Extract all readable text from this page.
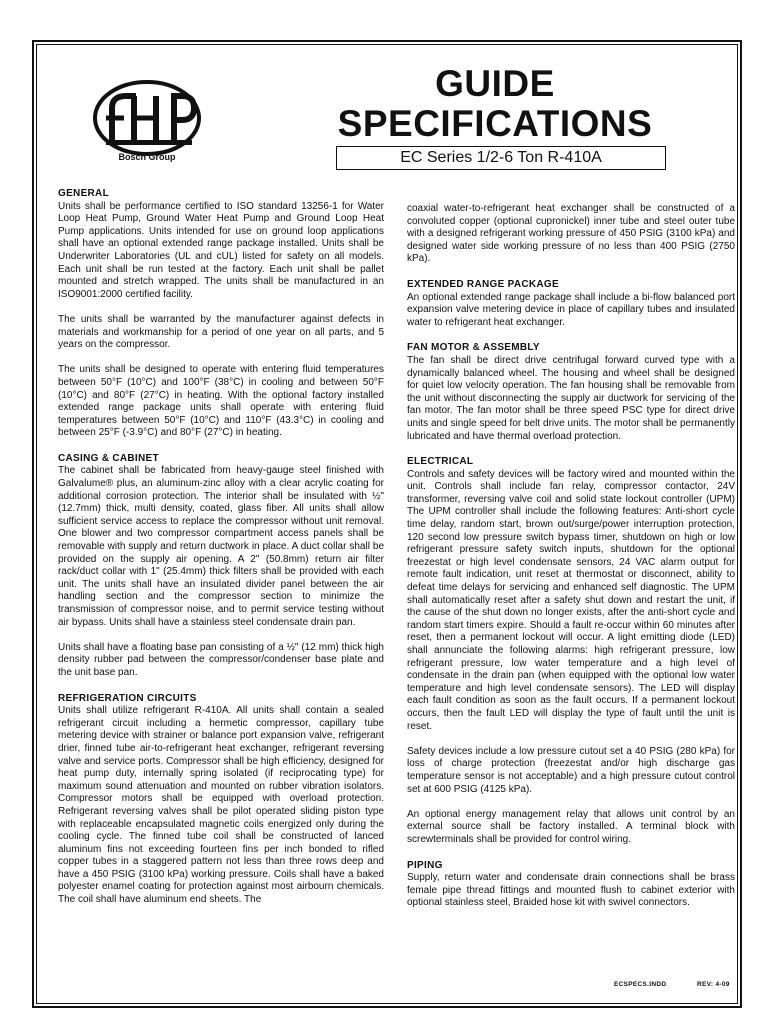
Bosch Group
GUIDE
SPECIFICATIONS
EC Series 1/2-6 Ton R-410A
GENERAL

Units shall be performance certified to ISO standard 13256-1 for Water Loop Heat Pump, Ground Water Heat Pump and Ground Loop Heat Pump applications. Units intended for use on ground loop applications shall have an optional extended range package installed. Units shall be Underwriter Laboratories (UL and cUL) listed for safety on all models. Each unit shall be run tested at the factory. Each unit shall be pallet mounted and stretch wrapped. The units shall be manufactured in an ISO9001:2000 certified facility.

The units shall be warranted by the manufacturer against defects in materials and workmanship for a period of one year on all parts, and 5 years on the compressor.

The units shall be designed to operate with entering fluid temperatures between 50°F (10°C) and 100°F (38°C) in cooling and between 50°F (10°C) and 80°F (27°C) in heating. With the optional factory installed extended range package units shall operate with entering fluid temperatures between 50°F (10°C) and 110°F (43.3°C) in cooling and between 25°F (-3.9°C) and 80°F (27°C) in heating.

CASING & CABINET

The cabinet shall be fabricated from heavy-gauge steel finished with Galvalume® plus, an aluminum-zinc alloy with a clear acrylic coating for additional corrosion protection. The interior shall be insulated with ½" (12.7mm) thick, multi density, coated, glass fiber. All units shall allow sufficient service access to replace the compressor without unit removal. One blower and two compressor compartment access panels shall be removable with supply and return ductwork in place. A duct collar shall be provided on the supply air opening. A 2" (50.8mm) return air filter rack/duct collar with 1" (25.4mm) thick filters shall be provided with each unit. The units shall have an insulated divider panel between the air handling section and the compressor section to minimize the transmission of compressor noise, and to permit service testing without air bypass. Units shall have a stainless steel condensate drain pan.

Units shall have a floating base pan consisting of a ½" (12 mm) thick high density rubber pad between the compressor/condenser base plate and the unit base pan.

REFRIGERATION CIRCUITS

Units shall utilize refrigerant R-410A. All units shall contain a sealed refrigerant circuit including a hermetic compressor, capillary tube metering device with strainer or balance port expansion valve, refrigerant drier, finned tube air-to-refrigerant heat exchanger, refrigerant reversing valve and service ports. Compressor shall be high efficiency, designed for heat pump duty, internally spring isolated (if reciprocating type) for maximum sound attenuation and mounted on rubber vibration isolators. Compressor motors shall be equipped with overload protection. Refrigerant reversing valves shall be pilot operated sliding piston type with replaceable encapsulated magnetic coils energized only during the cooling cycle. The finned tube coil shall be constructed of lanced aluminum fins not exceeding fourteen fins per inch bonded to rifled copper tubes in a staggered pattern not less than three rows deep and have a 450 PSIG (3100 kPa) working pressure. Coils shall have a baked polyester enamel coating for protection against most airbourn chemicals. The coil shall have aluminum end sheets. The

coaxial water-to-refrigerant heat exchanger shall be constructed of a convoluted copper (optional cupronickel) inner tube and steel outer tube with a designed refrigerant working pressure of 450 PSIG (3100 kPa) and designed water side working pressure of no less than 400 PSIG (2750 kPa).

EXTENDED RANGE PACKAGE

An optional extended range package shall include a bi-flow balanced port expansion valve metering device in place of capillary tubes and insulated water to refrigerant heat exchanger.

FAN MOTOR & ASSEMBLY

The fan shall be direct drive centrifugal forward curved type with a dynamically balanced wheel. The housing and wheel shall be designed for quiet low velocity operation. The fan housing shall be removable from the unit without disconnecting the supply air ductwork for servicing of the fan motor. The fan motor shall be three speed PSC type for direct drive units and single speed for belt drive units. The motor shall be permanently lubricated and have thermal overload protection.

ELECTRICAL

Controls and safety devices will be factory wired and mounted within the unit. Controls shall include fan relay, compressor contactor, 24V transformer, reversing valve coil and solid state lockout controller (UPM) The UPM controller shall include the following features: Anti-short cycle time delay, random start, brown out/surge/power interruption protection, 120 second low pressure switch bypass timer, shutdown on high or low refrigerant pressure safety switch inputs, shutdown for the optional freezestat or high level condensate sensors, 24 VAC alarm output for remote fault indication, unit reset at thermostat or disconnect, ability to defeat time delays for servicing and enhanced self diagnostic. The UPM shall automatically reset after a safety shut down and restart the unit, if the cause of the shut down no longer exists, after the anti-short cycle and random start timers expire. Should a fault re-occur within 60 minutes after reset, then a permanent lockout will occur. A light emitting diode (LED) shall annunciate the following alarms: high refrigerant pressure, low refrigerant pressure, low water temperature and a high level of condensate in the drain pan (when equipped with the optional low water temperature and high level condensate sensors). The LED will display each fault condition as soon as the fault occurs. If a permanent lockout occurs, then the fault LED will display the type of fault until the unit is reset.

Safety devices include a low pressure cutout set a 40 PSIG (280 kPa) for loss of charge protection (freezestat and/or high discharge gas temperature sensor is not acceptable) and a high pressure cutout control set at 600 PSIG (4125 kPa).

An optional energy management relay that allows unit control by an external source shall be factory installed. A terminal block with screwterminals shall be provided for control wiring.

PIPING

Supply, return water and condensate drain connections shall be brass female pipe thread fittings and mounted flush to cabinet exterior with optional stainless steel, Braided hose kit with swivel connectors.

ECSPECS.INDD	REV: 4-09
